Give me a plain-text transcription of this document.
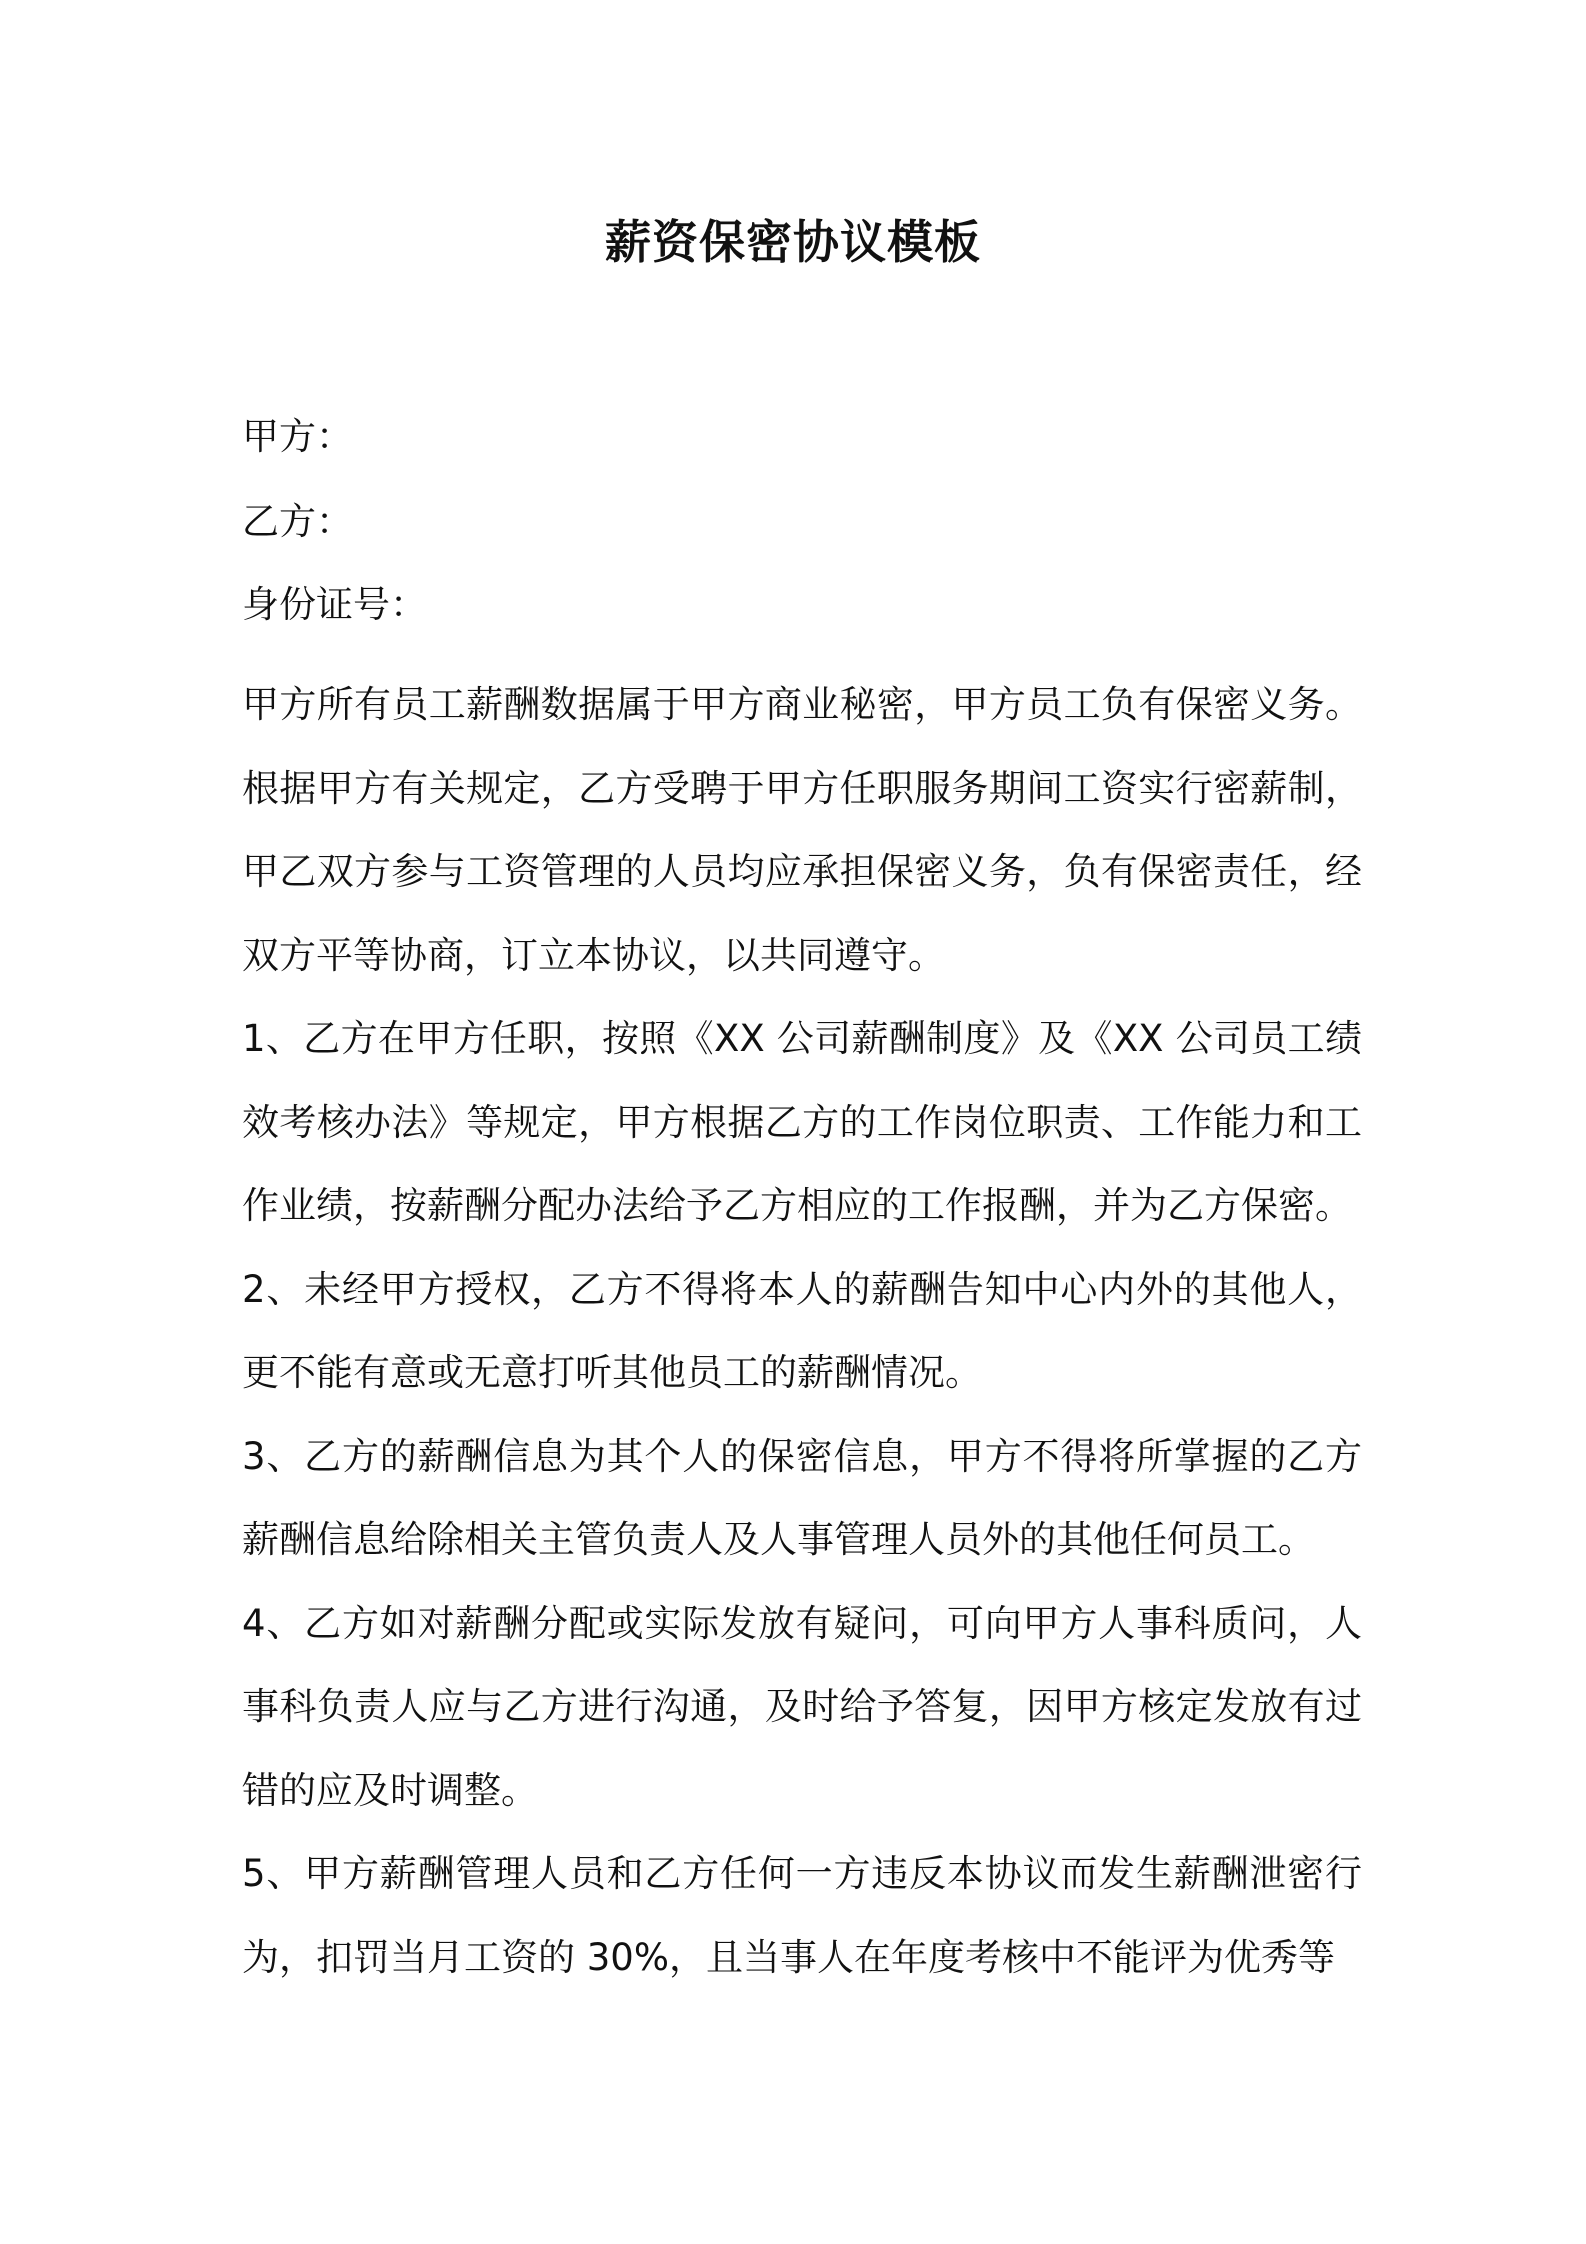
薪资保密协议模板

甲方：

乙方：

身份证号：

甲方所有员工薪酬数据属于甲方商业秘密，甲方员工负有保密义务。根据甲方有关规定，乙方受聘于甲方任职服务期间工资实行密薪制，甲乙双方参与工资管理的人员均应承担保密义务，负有保密责任，经双方平等协商，订立本协议，以共同遵守。

1、乙方在甲方任职，按照《XX 公司薪酬制度》及《XX 公司员工绩效考核办法》等规定，甲方根据乙方的工作岗位职责、工作能力和工作业绩，按薪酬分配办法给予乙方相应的工作报酬，并为乙方保密。

2、未经甲方授权，乙方不得将本人的薪酬告知中心内外的其他人，更不能有意或无意打听其他员工的薪酬情况。

3、乙方的薪酬信息为其个人的保密信息，甲方不得将所掌握的乙方薪酬信息给除相关主管负责人及人事管理人员外的其他任何员工。

4、乙方如对薪酬分配或实际发放有疑问，可向甲方人事科质问，人事科负责人应与乙方进行沟通，及时给予答复，因甲方核定发放有过错的应及时调整。

5、甲方薪酬管理人员和乙方任何一方违反本协议而发生薪酬泄密行为，扣罚当月工资的 30%，且当事人在年度考核中不能评为优秀等
